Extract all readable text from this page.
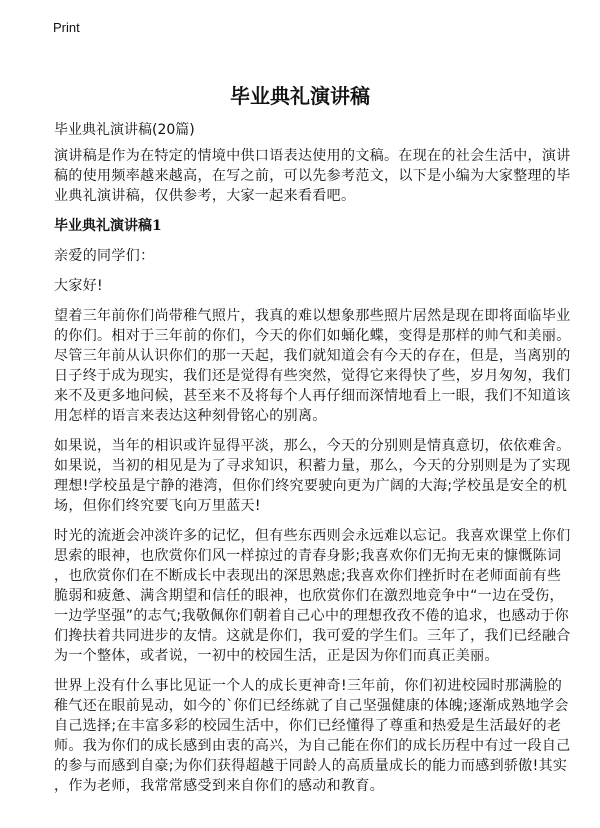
Print
毕业典礼演讲稿
毕业典礼演讲稿(20篇)
演讲稿是作为在特定的情境中供口语表达使用的文稿。在现在的社会生活中，演讲
稿的使用频率越来越高，在写之前，可以先参考范文，以下是小编为大家整理的毕
业典礼演讲稿，仅供参考，大家一起来看看吧。
毕业典礼演讲稿1
亲爱的同学们：
大家好!
望着三年前你们尚带稚气照片，我真的难以想象那些照片居然是现在即将面临毕业
的你们。相对于三年前的你们，今天的你们如蛹化蝶，变得是那样的帅气和美丽。
尽管三年前从认识你们的那一天起，我们就知道会有今天的存在，但是，当离别的
日子终于成为现实，我们还是觉得有些突然，觉得它来得快了些，岁月匆匆，我们
来不及更多地问候，甚至来不及将每个人再仔细而深情地看上一眼，我们不知道该
用怎样的语言来表达这种刻骨铭心的别离。
如果说，当年的相识或许显得平淡，那么，今天的分别则是情真意切，依依难舍。
如果说，当初的相见是为了寻求知识，积蓄力量，那么，今天的分别则是为了实现
理想!学校虽是宁静的港湾，但你们终究要驶向更为广阔的大海;学校虽是安全的机
场，但你们终究要飞向万里蓝天!
时光的流逝会冲淡许多的记忆，但有些东西则会永远难以忘记。我喜欢课堂上你们
思索的眼神，也欣赏你们风一样掠过的青春身影;我喜欢你们无拘无束的慷慨陈词
，也欣赏你们在不断成长中表现出的深思熟虑;我喜欢你们挫折时在老师面前有些
脆弱和疲惫、满含期望和信任的眼神，也欣赏你们在激烈地竞争中“一边在受伤，
一边学坚强”的志气;我敬佩你们朝着自己心中的理想孜孜不倦的追求，也感动于你
们搀扶着共同进步的友情。这就是你们，我可爱的学生们。三年了，我们已经融合
为一个整体，或者说，一初中的校园生活，正是因为你们而真正美丽。
世界上没有什么事比见证一个人的成长更神奇!三年前，你们初进校园时那满脸的
稚气还在眼前晃动，如今的`你们已经练就了自己坚强健康的体魄;逐渐成熟地学会
自己选择;在丰富多彩的校园生活中，你们已经懂得了尊重和热爱是生活最好的老
师。我为你们的成长感到由衷的高兴，为自己能在你们的成长历程中有过一段自己
的参与而感到自豪;为你们获得超越于同龄人的高质量成长的能力而感到骄傲!其实
，作为老师，我常常感受到来自你们的感动和教育。
